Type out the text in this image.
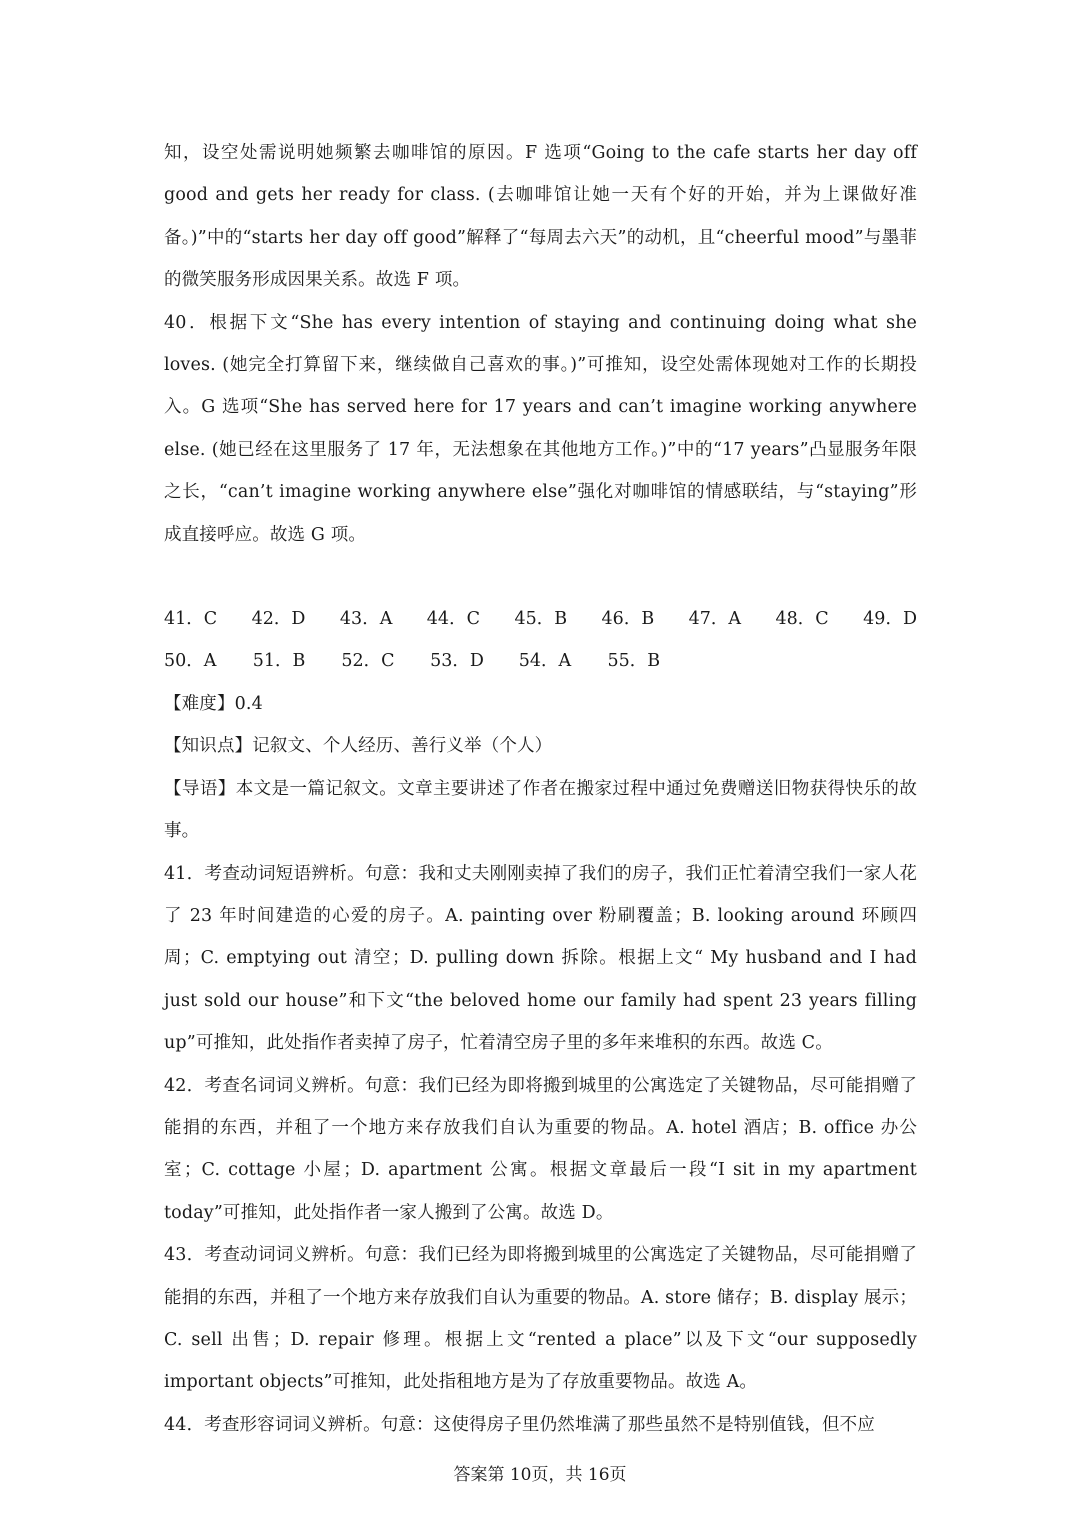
知，设空处需说明她频繁去咖啡馆的原因。F 选项“Going to the cafe starts her day off good and gets her ready for class. (去咖啡馆让她一天有个好的开始，并为上课做好准备。)”中的“starts her day off good”解释了“每周去六天”的动机，且“cheerful mood”与墨菲的微笑服务形成因果关系。故选 F 项。

40．根据下文“She has every intention of staying and continuing doing what she loves. (她完全打算留下来，继续做自己喜欢的事。)”可推知，设空处需体现她对工作的长期投入。G 选项“She has served here for 17 years and can’t imagine working anywhere else. (她已经在这里服务了 17 年，无法想象在其他地方工作。)”中的“17 years”凸显服务年限之长，“can’t imagine working anywhere else”强化对咖啡馆的情感联结，与“staying”形成直接呼应。故选 G 项。

41．C 42．D 43．A 44．C 45．B 46．B 47．A 48．C 49．D
50．A	51．B	52．C	53．D	54．A	55．B

【难度】0.4

【知识点】记叙文、个人经历、善行义举（个人）

【导语】本文是一篇记叙文。文章主要讲述了作者在搬家过程中通过免费赠送旧物获得快乐的故事。

41．考查动词短语辨析。句意：我和丈夫刚刚卖掉了我们的房子，我们正忙着清空我们一家人花了 23 年时间建造的心爱的房子。A. painting over 粉刷覆盖；B. looking around 环顾四周；C. emptying out 清空；D. pulling down 拆除。根据上文“ My husband and I had just sold our house”和下文“the beloved home our family had spent 23 years filling up”可推知，此处指作者卖掉了房子，忙着清空房子里的多年来堆积的东西。故选 C。

42．考查名词词义辨析。句意：我们已经为即将搬到城里的公寓选定了关键物品，尽可能捐赠了能捐的东西，并租了一个地方来存放我们自认为重要的物品。A. hotel 酒店；B. office 办公室；C. cottage 小屋；D. apartment 公寓。根据文章最后一段“I sit in my apartment today”可推知，此处指作者一家人搬到了公寓。故选 D。

43．考查动词词义辨析。句意：我们已经为即将搬到城里的公寓选定了关键物品，尽可能捐赠了能捐的东西，并租了一个地方来存放我们自认为重要的物品。A. store 储存；B. display 展示；C. sell 出售；D. repair 修理。根据上文“rented a place”以及下文“our supposedly important objects”可推知，此处指租地方是为了存放重要物品。故选 A。

44．考查形容词词义辨析。句意：这使得房子里仍然堆满了那些虽然不是特别值钱，但不应

答案第 10页，共 16页
